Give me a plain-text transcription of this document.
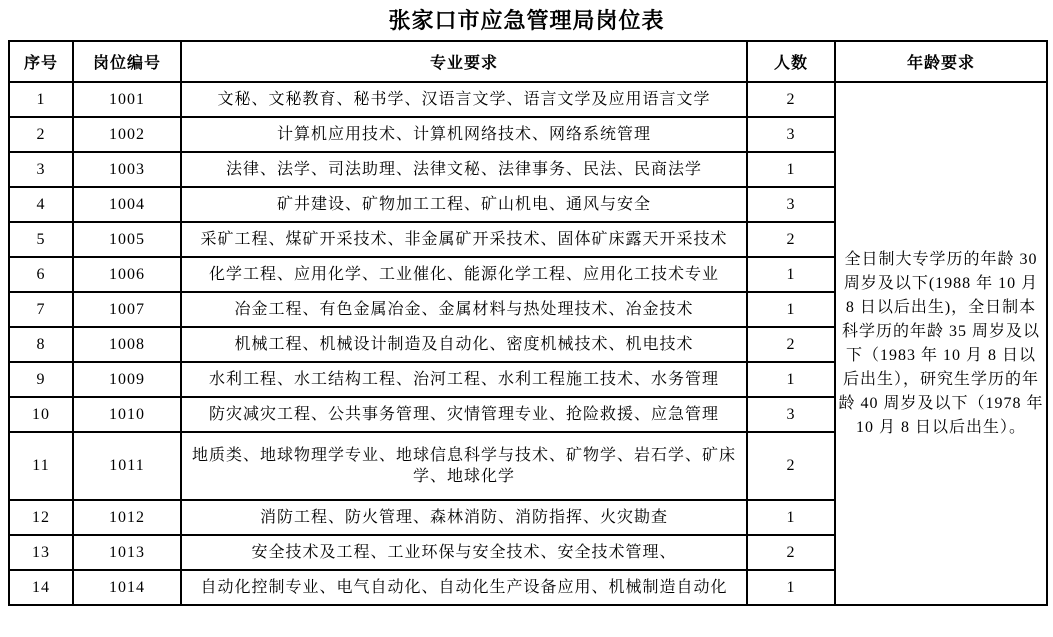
张家口市应急管理局岗位表
序号	岗位编号	专业要求	人数	年龄要求
1	1001	文秘、文秘教育、秘书学、汉语言文学、语言文学及应用语言文学	2	全日制大专学历的年龄 30 周岁及以下(1988 年 10 月 8 日以后出生)，全日制本科学历的年龄 35 周岁及以下（1983 年 10 月 8 日以后出生），研究生学历的年龄 40 周岁及以下（1978 年 10 月 8 日以后出生）。
2	1002	计算机应用技术、计算机网络技术、网络系统管理	3	
3	1003	法律、法学、司法助理、法律文秘、法律事务、民法、民商法学	1	
4	1004	矿井建设、矿物加工工程、矿山机电、通风与安全	3	
5	1005	采矿工程、煤矿开采技术、非金属矿开采技术、固体矿床露天开采技术	2	
6	1006	化学工程、应用化学、工业催化、能源化学工程、应用化工技术专业	1	
7	1007	冶金工程、有色金属冶金、金属材料与热处理技术、冶金技术	1	
8	1008	机械工程、机械设计制造及自动化、密度机械技术、机电技术	2	
9	1009	水利工程、水工结构工程、治河工程、水利工程施工技术、水务管理	1	
10	1010	防灾减灾工程、公共事务管理、灾情管理专业、抢险救援、应急管理	3	
11	1011	地质类、地球物理学专业、地球信息科学与技术、矿物学、岩石学、矿床学、地球化学	2	
12	1012	消防工程、防火管理、森林消防、消防指挥、火灾勘查	1	
13	1013	安全技术及工程、工业环保与安全技术、安全技术管理、	2	
14	1014	自动化控制专业、电气自动化、自动化生产设备应用、机械制造自动化	1	
